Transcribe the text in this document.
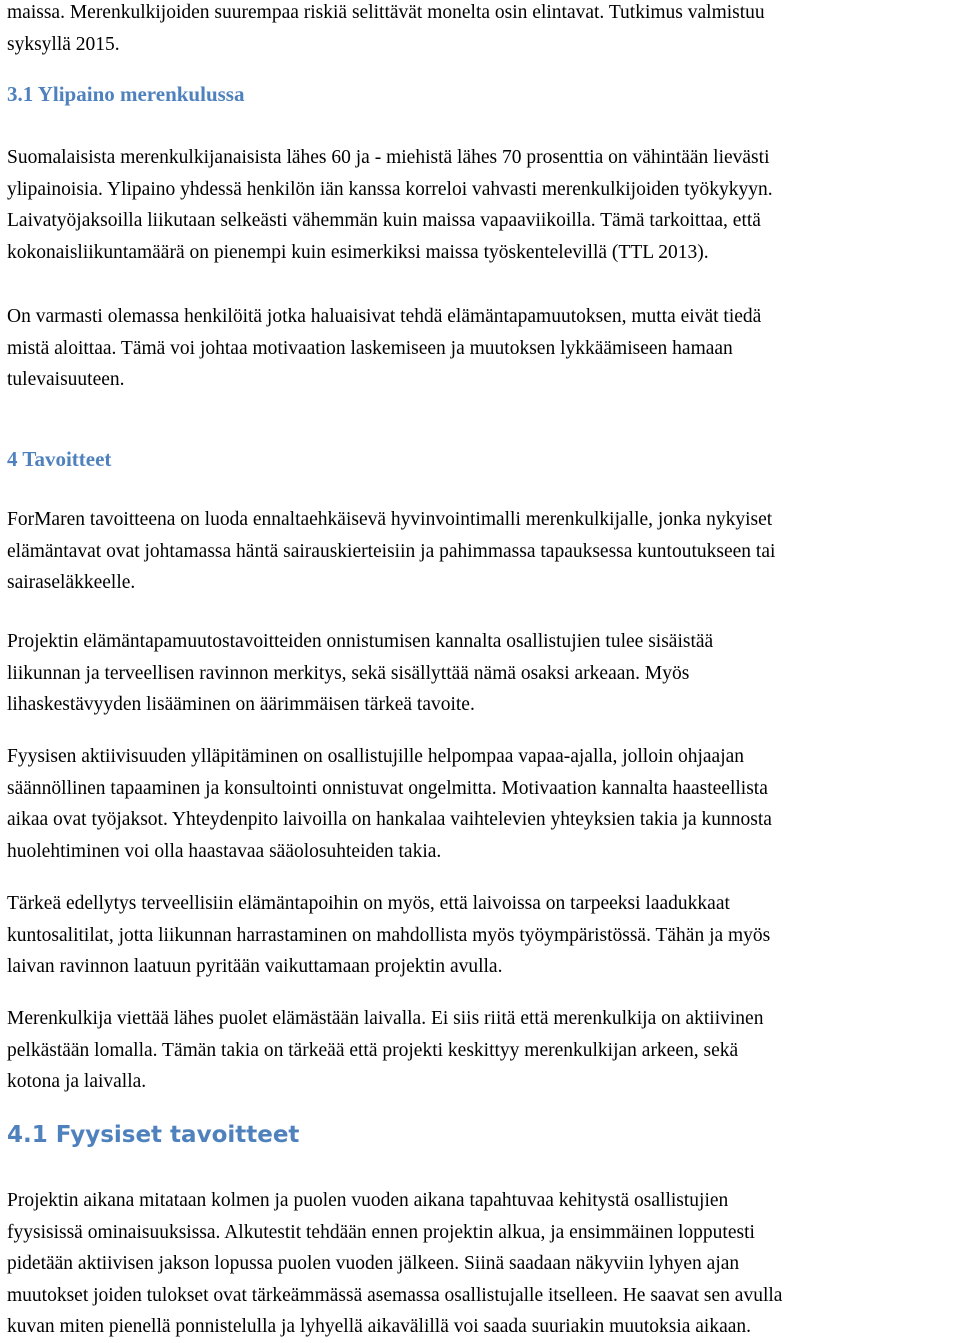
maissa. Merenkulkijoiden suurempaa riskiä selittävät monelta osin elintavat. Tutkimus valmistuu
syksyllä 2015.
3.1 Ylipaino merenkulussa
Suomalaisista merenkulkijanaisista lähes 60 ja - miehistä lähes 70 prosenttia on vähintään lievästi
ylipainoisia. Ylipaino yhdessä henkilön iän kanssa korreloi vahvasti merenkulkijoiden työkykyyn.
Laivatyöjaksoilla liikutaan selkeästi vähemmän kuin maissa vapaaviikoilla. Tämä tarkoittaa, että
kokonaisliikuntamäärä on pienempi kuin esimerkiksi maissa työskentelevillä (TTL 2013).
On varmasti olemassa henkilöitä jotka haluaisivat tehdä elämäntapamuutoksen, mutta eivät tiedä
mistä aloittaa. Tämä voi johtaa motivaation laskemiseen ja muutoksen lykkäämiseen hamaan
tulevaisuuteen.
4 Tavoitteet
ForMaren tavoitteena on luoda ennaltaehkäisevä hyvinvointimalli merenkulkijalle, jonka nykyiset
elämäntavat ovat johtamassa häntä sairauskierteisiin ja pahimmassa tapauksessa kuntoutukseen tai
sairaseläkkeelle.
Projektin elämäntapamuutostavoitteiden onnistumisen kannalta osallistujien tulee sisäistää
liikunnan ja terveellisen ravinnon merkitys, sekä sisällyttää nämä osaksi arkeaan. Myös
lihaskestävyyden lisääminen on äärimmäisen tärkeä tavoite.
Fyysisen aktiivisuuden ylläpitäminen on osallistujille helpompaa vapaa-ajalla, jolloin ohjaajan
säännöllinen tapaaminen ja konsultointi onnistuvat ongelmitta. Motivaation kannalta haasteellista
aikaa ovat työjaksot. Yhteydenpito laivoilla on hankalaa vaihtelevien yhteyksien takia ja kunnosta
huolehtiminen voi olla haastavaa sääolosuhteiden takia.
Tärkeä edellytys terveellisiin elämäntapoihin on myös, että laivoissa on tarpeeksi laadukkaat
kuntosalitilat, jotta liikunnan harrastaminen on mahdollista myös työympäristössä. Tähän ja myös
laivan ravinnon laatuun pyritään vaikuttamaan projektin avulla.
Merenkulkija viettää lähes puolet elämästään laivalla. Ei siis riitä että merenkulkija on aktiivinen
pelkästään lomalla. Tämän takia on tärkeää että projekti keskittyy merenkulkijan arkeen, sekä
kotona ja laivalla.
4.1 Fyysiset tavoitteet
Projektin aikana mitataan kolmen ja puolen vuoden aikana tapahtuvaa kehitystä osallistujien
fyysisissä ominaisuuksissa. Alkutestit tehdään ennen projektin alkua, ja ensimmäinen lopputesti
pidetään aktiivisen jakson lopussa puolen vuoden jälkeen. Siinä saadaan näkyviin lyhyen ajan
muutokset joiden tulokset ovat tärkeämmässä asemassa osallistujalle itselleen. He saavat sen avulla
kuvan miten pienellä ponnistelulla ja lyhyellä aikavälillä voi saada suuriakin muutoksia aikaan.
